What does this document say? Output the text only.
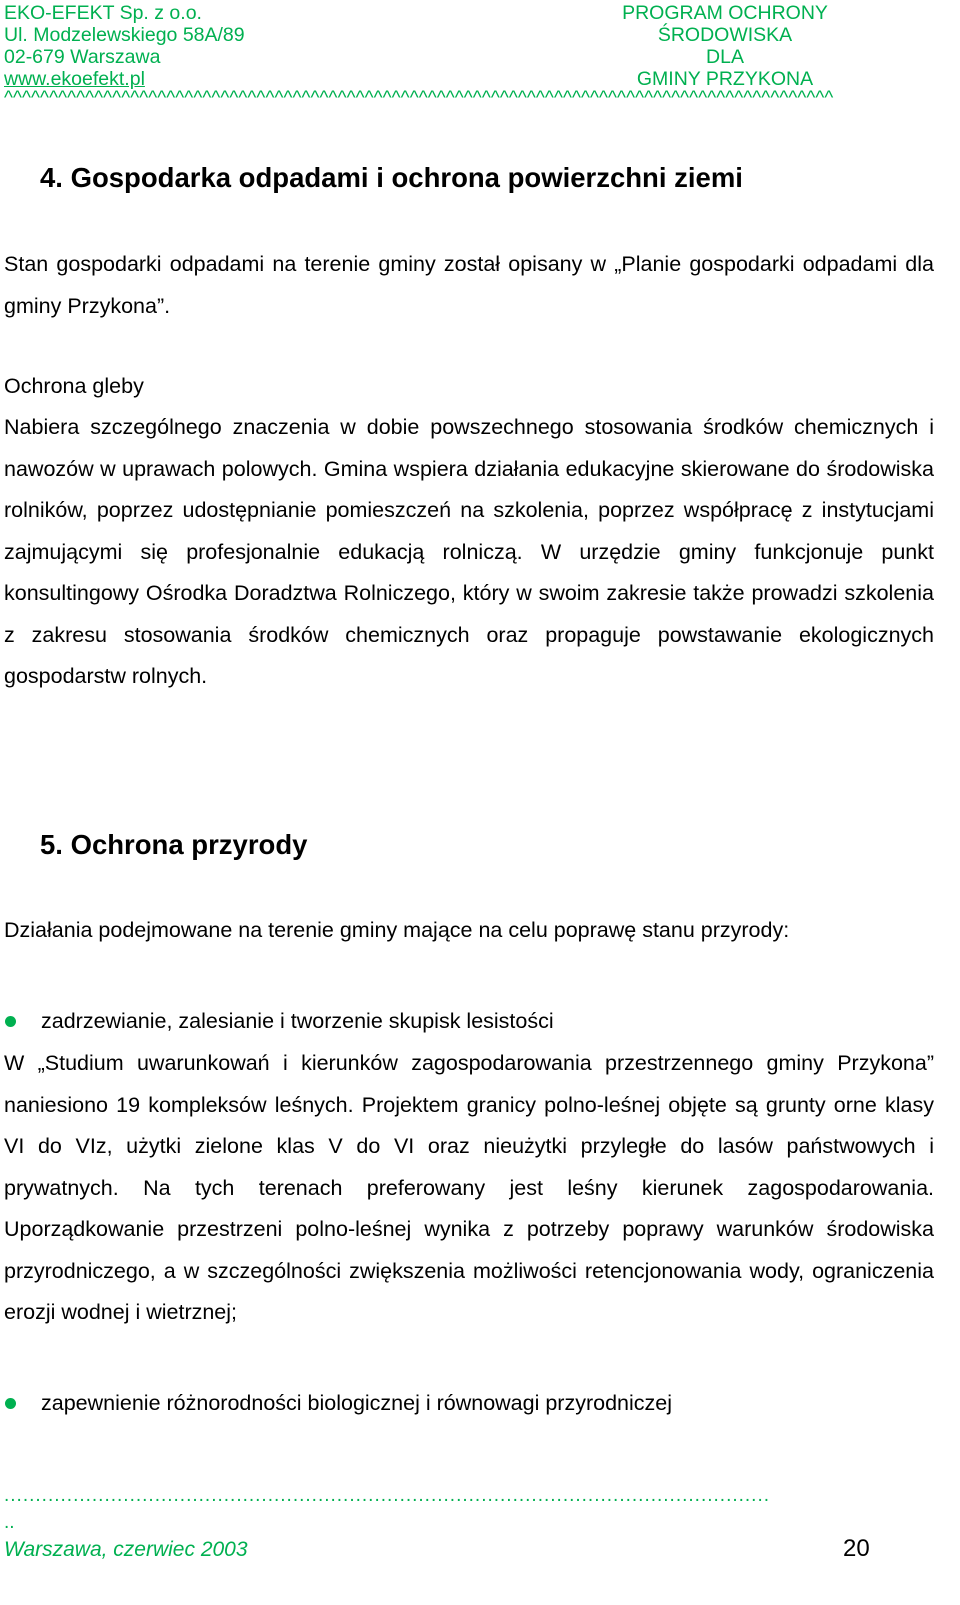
EKO-EFEKT Sp. z o.o.
Ul. Modzelewskiego 58A/89
02-679 Warszawa
www.ekoefekt.pl
PROGRAM OCHRONY ŚRODOWISKA
DLA
GMINY PRZYKONA
^^^^^^^^^^^^^^^^^^^^^^^^^^^^^^^^^^^^^^^^^^^^^^^^^^^^^^^^^^^^^^^^^^^^^^^^^^^^^^^^^^^^^^^^^^^^
4. Gospodarka odpadami i ochrona powierzchni ziemi

Stan gospodarki odpadami na terenie gminy został opisany w „Planie gospodarki odpadami dla gminy Przykona”.

Ochrona gleby

Nabiera szczególnego znaczenia w dobie powszechnego stosowania środków chemicznych i nawozów w uprawach polowych. Gmina wspiera działania edukacyjne skierowane do środowiska rolników, poprzez udostępnianie pomieszczeń na szkolenia, poprzez współpracę z instytucjami zajmującymi się profesjonalnie edukacją rolniczą. W urzędzie gminy funkcjonuje punkt konsultingowy Ośrodka Doradztwa Rolniczego, który w swoim zakresie także prowadzi szkolenia z zakresu stosowania środków chemicznych oraz propaguje powstawanie ekologicznych gospodarstw rolnych.

5. Ochrona przyrody

Działania podejmowane na terenie gminy mające na celu poprawę stanu przyrody:

zadrzewianie, zalesianie i tworzenie skupisk lesistości

W „Studium uwarunkowań i kierunków zagospodarowania przestrzennego gminy Przykona” naniesiono 19 kompleksów leśnych. Projektem granicy polno-leśnej objęte są grunty orne klasy VI do VIz, użytki zielone klas V do VI oraz nieużytki przyległe do lasów państwowych i prywatnych. Na tych terenach preferowany jest leśny kierunek zagospodarowania. Uporządkowanie przestrzeni polno-leśnej wynika z potrzeby poprawy warunków środowiska przyrodniczego, a w szczególności zwiększenia możliwości retencjonowania wody, ograniczenia erozji wodnej i wietrznej;

zapewnienie różnorodności biologicznej i równowagi przyrodniczej
..........................................................................................................................
..
Warszawa, czerwiec 2003	20
